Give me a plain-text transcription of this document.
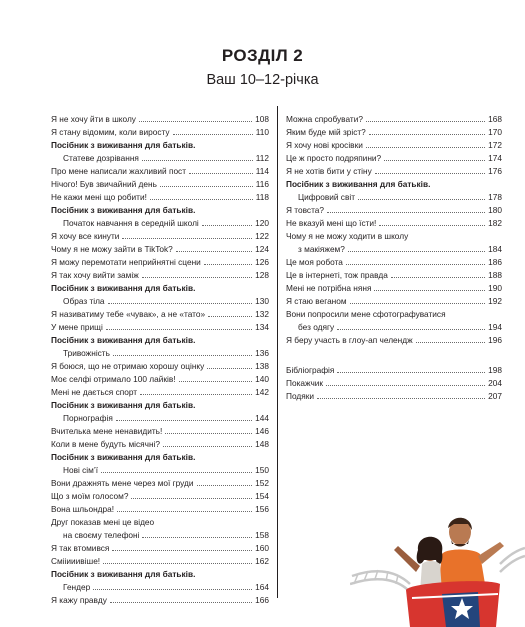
РОЗДІЛ 2
Ваш 10–12-річка
Я не хочу йти в школу	108
Я стану відомим, коли виросту	110
Посібник з виживання для батьків.
Статеве дозрівання	112
Про мене написали жахливий пост	114
Нічого! Був звичайний день	116
Не кажи мені що робити!	118
Посібник з виживання для батьків.
Початок навчання в середній школі	120
Я хочу все кинути	122
Чому я не можу зайти в TikTok?	124
Я можу перемотати неприйнятні сцени	126
Я так хочу вийти заміж	128
Посібник з виживання для батьків.
Образ тіла	130
Я називатиму тебе «чувак», а не «тато»	132
У мене прищі	134
Посібник з виживання для батьків.
Тривожність	136
Я боюся, що не отримаю хорошу оцінку	138
Моє селфі отримало 100 лайків!	140
Мені не дається спорт	142
Посібник з виживання для батьків.
Порнографія	144
Вчителька мене ненавидить!	146
Коли в мене будуть місячні?	148
Посібник з виживання для батьків.
Нові сім’ї	150
Вони дражнять мене через мої груди	152
Що з моїм голосом?	154
Вона шльондра!	156
Друг показав мені це відео
на своєму телефоні	158
Я так втомився	160
Смііииивіше!	162
Посібник з виживання для батьків.
Гендер	164
Я кажу правду	166
Можна спробувати?	168
Яким буде мій зріст?	170
Я хочу нові кросівки	172
Це ж просто подряпини?	174
Я не хотів бити у стіну	176
Посібник з виживання для батьків.
Цифровий світ	178
Я товста?	180
Не вказуй мені що їсти!	182
Чому я не можу ходити в школу
з макіяжем?	184
Це моя робота	186
Це в інтернеті, тож правда	188
Мені не потрібна няня	190
Я стаю веганом	192
Вони попросили мене сфотографуватися
без одягу	194
Я беру участь в глоу-ап челендж	196
Бібліографія	198
Покажчик	204
Подяки	207
